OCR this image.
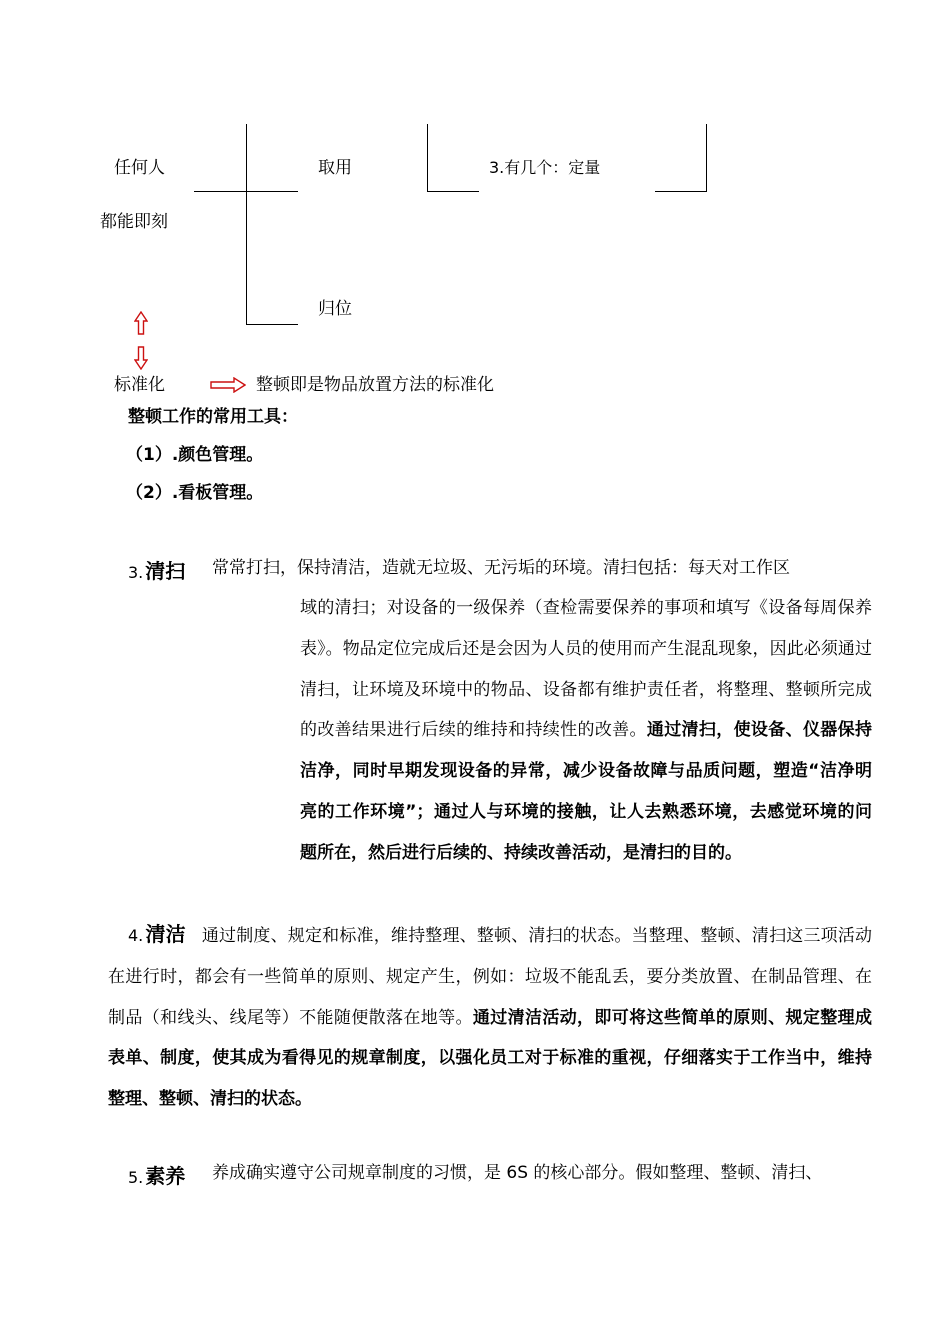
任何人
都能即刻
取用
归位
3.有几个：定量
标准化	整顿即是物品放置方法的标准化
整顿工作的常用工具：
（1）.颜色管理。
（2）.看板管理。
3. 清扫 常常打扫，保持清洁，造就无垃圾、无污垢的环境。清扫包括：每天对工作区
域的清扫；对设备的一级保养（查检需要保养的事项和填写《设备每周保养表》。物品定位完成后还是会因为人员的使用而产生混乱现象，因此必须通过清扫，让环境及环境中的物品、设备都有维护责任者，将整理、整顿所完成的改善结果进行后续的维持和持续性的改善。通过清扫，使设备、仪器保持洁净，同时早期发现设备的异常，减少设备故障与品质问题，塑造“洁净明亮的工作环境”；通过人与环境的接触，让人去熟悉环境，去感觉环境的问题所在，然后进行后续的、持续改善活动，是清扫的目的。
4. 清洁 通过制度、规定和标准，维持整理、整顿、清扫的状态。当整理、整顿、清扫这三项活动在进行时，都会有一些简单的原则、规定产生，例如：垃圾不能乱丢，要分类放置、在制品管理、在制品（和线头、线尾等）不能随便散落在地等。通过清洁活动，即可将这些简单的原则、规定整理成表单、制度，使其成为看得见的规章制度，以强化员工对于标准的重视，仔细落实于工作当中，维持整理、整顿、清扫的状态。
5. 素养 养成确实遵守公司规章制度的习惯，是 6S 的核心部分。假如整理、整顿、清扫、
